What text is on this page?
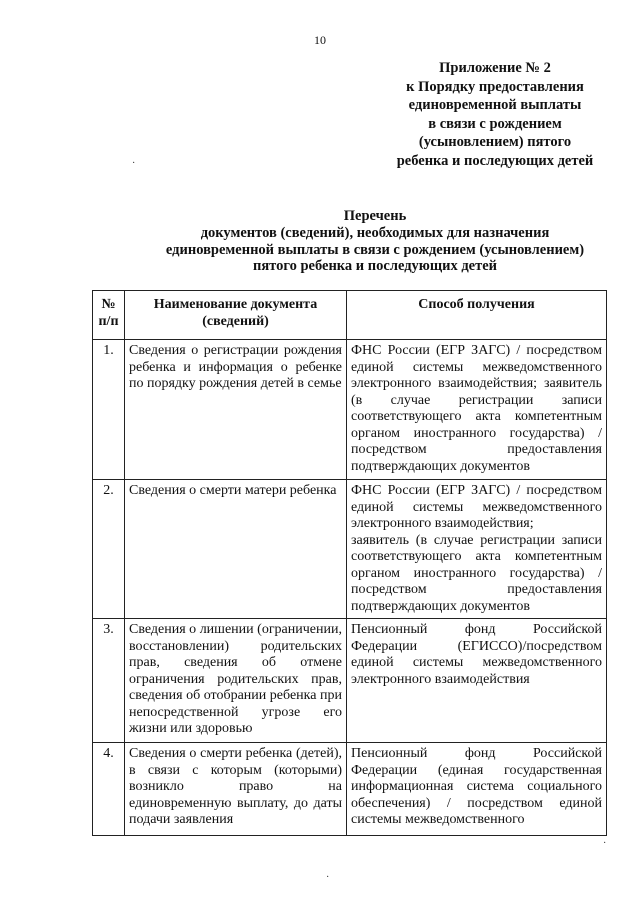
10
Приложение № 2
к Порядку предоставления
единовременной выплаты
в связи с рождением
(усыновлением) пятого
ребенка и последующих детей
Перечень
документов (сведений), необходимых для назначения
единовременной выплаты в связи с рождением (усыновлением)
пятого ребенка и последующих детей
№ п/п	Наименование документа (сведений)	Способ получения
1.	Сведения о регистрации рождения ребенка и информация о ребенке по порядку рождения детей в семье	ФНС России (ЕГР ЗАГС) / посредством единой системы межведомственного электронного взаимодействия; заявитель (в случае регистрации записи соответствующего акта компетентным органом иностранного государства) / посредством предоставления подтверждающих документов

2.	Сведения о смерти матери ребенка	ФНС России (ЕГР ЗАГС) / посредством единой системы межведомственного электронного взаимодействия;
заявитель (в случае регистрации записи соответствующего акта компетентным органом иностранного государства) / посредством предоставления подтверждающих документов

3.	Сведения о лишении (ограничении, восстановлении) родительских прав, сведения об отмене ограничения родительских прав, сведения об отобрании ребенка при непосредственной угрозе его жизни или здоровью	Пенсионный фонд Российской Федерации (ЕГИССО)/посредством единой системы межведомственного электронного взаимодействия

4.	Сведения о смерти ребенка (детей), в связи с которым (которыми) возникло право на единовременную выплату, до даты подачи заявления	Пенсионный фонд Российской Федерации (единая государственная информационная система социального обеспечения) / посредством единой системы межведомственного
·
·
·
